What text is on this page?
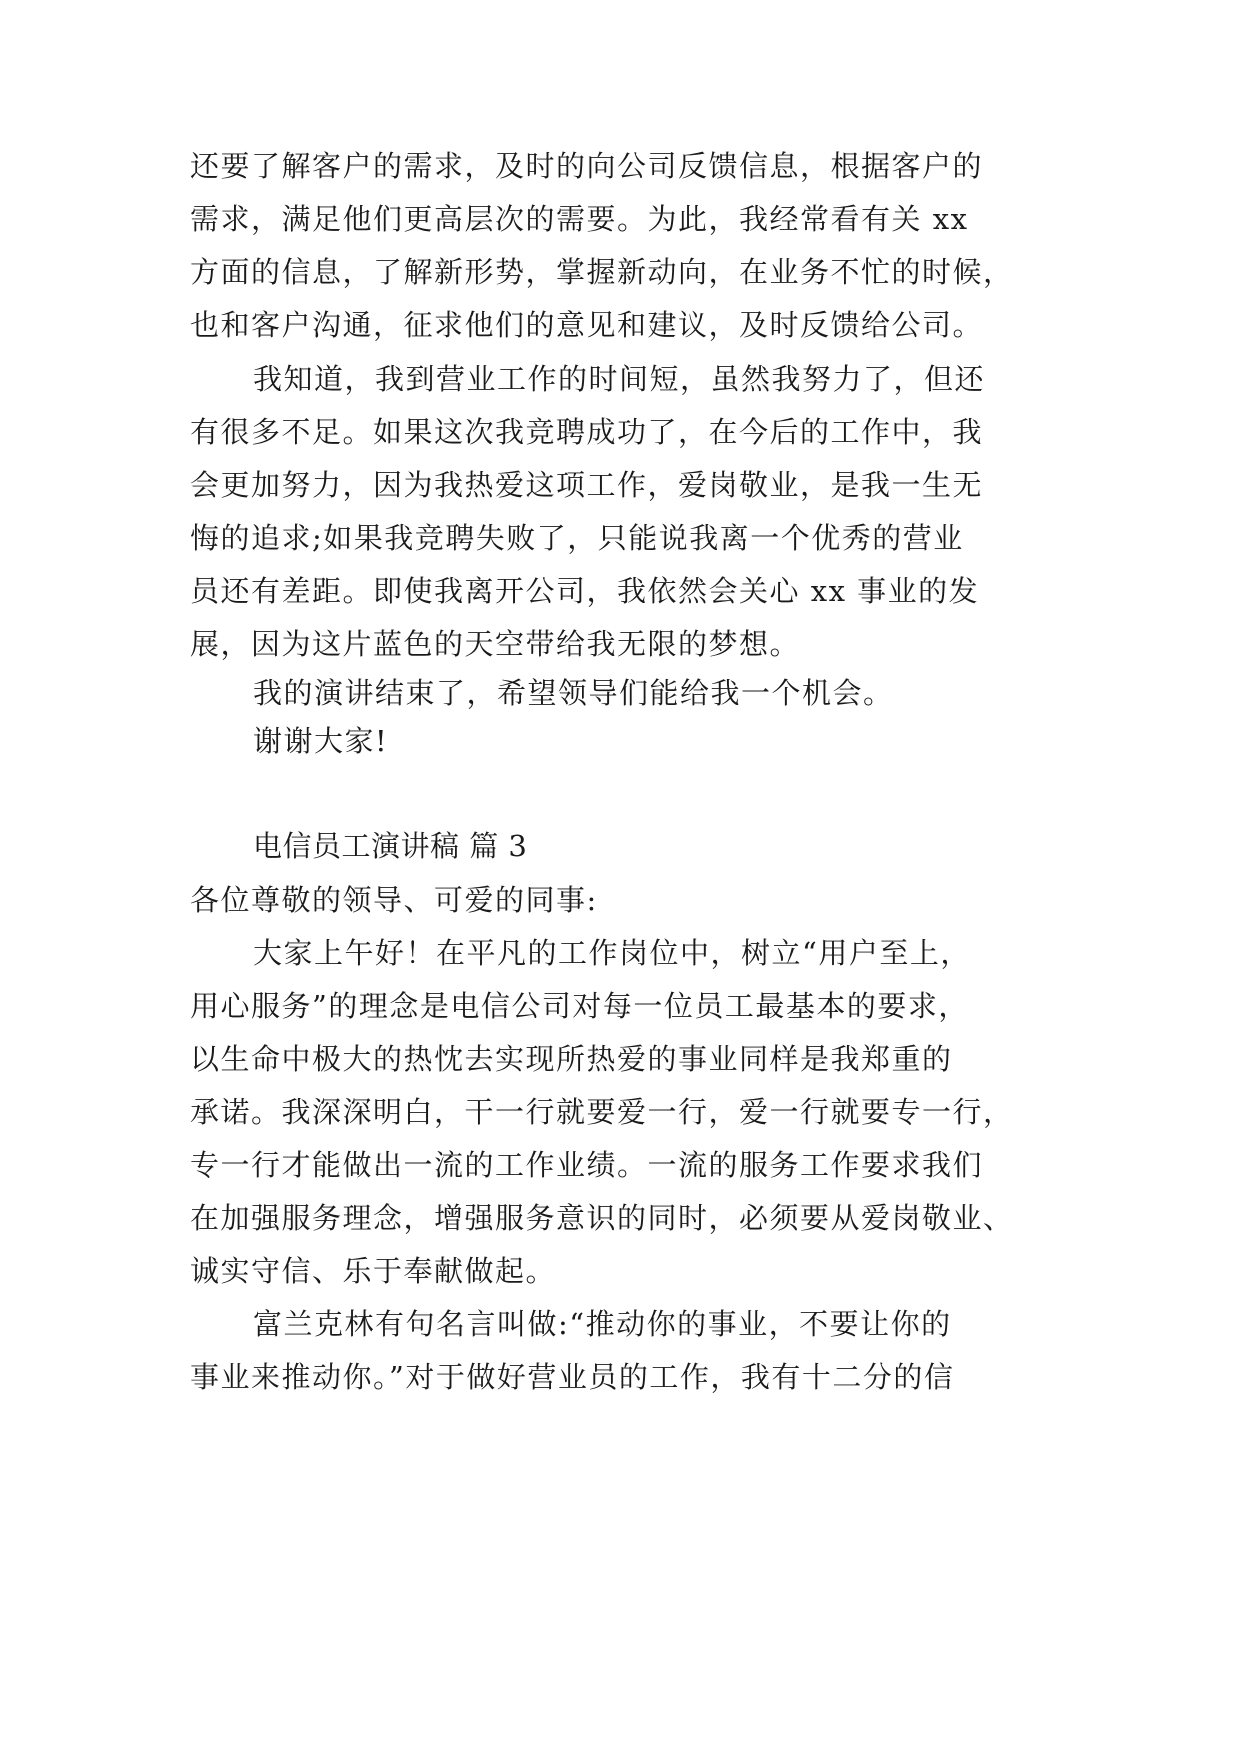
还要了解客户的需求，及时的向公司反馈信息，根据客户的
需求，满足他们更高层次的需要。为此，我经常看有关 xx
方面的信息，了解新形势，掌握新动向，在业务不忙的时候，
也和客户沟通，征求他们的意见和建议，及时反馈给公司。
我知道，我到营业工作的时间短，虽然我努力了，但还
有很多不足。如果这次我竞聘成功了，在今后的工作中，我
会更加努力，因为我热爱这项工作，爱岗敬业，是我一生无
悔的追求;如果我竞聘失败了，只能说我离一个优秀的营业
员还有差距。即使我离开公司，我依然会关心 xx 事业的发
展，因为这片蓝色的天空带给我无限的梦想。
我的演讲结束了，希望领导们能给我一个机会。
谢谢大家!
电信员工演讲稿 篇 3
各位尊敬的领导、可爱的同事:
大家上午好！在平凡的工作岗位中，树立“用户至上，
用心服务”的理念是电信公司对每一位员工最基本的要求，
以生命中极大的热忱去实现所热爱的事业同样是我郑重的
承诺。我深深明白，干一行就要爱一行，爱一行就要专一行，
专一行才能做出一流的工作业绩。一流的服务工作要求我们
在加强服务理念，增强服务意识的同时，必须要从爱岗敬业、
诚实守信、乐于奉献做起。
富兰克林有句名言叫做:“推动你的事业，不要让你的
事业来推动你。”对于做好营业员的工作，我有十二分的信
